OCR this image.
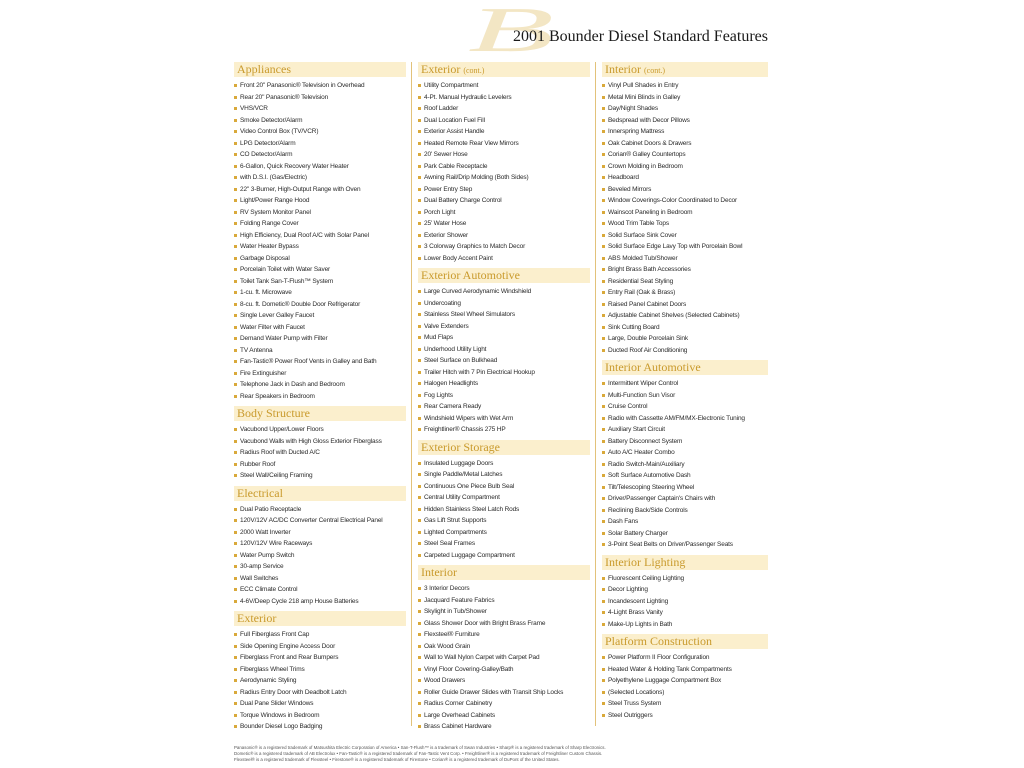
B
2001 Bounder Diesel Standard Features
Appliances
Front 20" Panasonic® Television in Overhead
Rear 20" Panasonic® Television
VHS/VCR
Smoke Detector/Alarm
Video Control Box (TV/VCR)
LPG Detector/Alarm
CO Detector/Alarm
6-Gallon, Quick Recovery Water Heater
with D.S.I. (Gas/Electric)
22" 3-Burner, High-Output Range with Oven
Light/Power Range Hood
RV System Monitor Panel
Folding Range Cover
High Efficiency, Dual Roof A/C with Solar Panel
Water Heater Bypass
Garbage Disposal
Porcelain Toilet with Water Saver
Toilet Tank San-T-Flush™ System
1-cu. ft. Microwave
8-cu. ft. Dometic® Double Door Refrigerator
Single Lever Galley Faucet
Water Filter with Faucet
Demand Water Pump with Filter
TV Antenna
Fan-Tastic® Power Roof Vents in Galley and Bath
Fire Extinguisher
Telephone Jack in Dash and Bedroom
Rear Speakers in Bedroom
Body Structure
Vacubond Upper/Lower Floors
Vacubond Walls with High Gloss Exterior Fiberglass
Radius Roof with Ducted A/C
Rubber Roof
Steel Wall/Ceiling Framing
Electrical
Dual Patio Receptacle
120V/12V AC/DC Converter Central Electrical Panel
2000 Watt Inverter
120V/12V Wire Raceways
Water Pump Switch
30-amp Service
Wall Switches
ECC Climate Control
4-6V/Deep Cycle 218 amp House Batteries
Exterior
Full Fiberglass Front Cap
Side Opening Engine Access Door
Fiberglass Front and Rear Bumpers
Fiberglass Wheel Trims
Aerodynamic Styling
Radius Entry Door with Deadbolt Latch
Dual Pane Slider Windows
Torque Windows in Bedroom
Bounder Diesel Logo Badging
Exterior (cont.)
Utility Compartment
4-Pt. Manual Hydraulic Levelers
Roof Ladder
Dual Location Fuel Fill
Exterior Assist Handle
Heated Remote Rear View Mirrors
20' Sewer Hose
Park Cable Receptacle
Awning Rail/Drip Molding (Both Sides)
Power Entry Step
Dual Battery Charge Control
Porch Light
25' Water Hose
Exterior Shower
3 Colorway Graphics to Match Decor
Lower Body Accent Paint
Exterior Automotive
Large Curved Aerodynamic Windshield
Undercoating
Stainless Steel Wheel Simulators
Valve Extenders
Mud Flaps
Underhood Utility Light
Steel Surface on Bulkhead
Trailer Hitch with 7 Pin Electrical Hookup
Halogen Headlights
Fog Lights
Rear Camera Ready
Windshield Wipers with Wet Arm
Freightliner® Chassis 275 HP
Exterior Storage
Insulated Luggage Doors
Single Paddle/Metal Latches
Continuous One Piece Bulb Seal
Central Utility Compartment
Hidden Stainless Steel Latch Rods
Gas Lift Strut Supports
Lighted Compartments
Steel Seal Frames
Carpeted Luggage Compartment
Interior
3 Interior Decors
Jacquard Feature Fabrics
Skylight in Tub/Shower
Glass Shower Door with Bright Brass Frame
Flexsteel® Furniture
Oak Wood Grain
Wall to Wall Nylon Carpet with Carpet Pad
Vinyl Floor Covering-Galley/Bath
Wood Drawers
Roller Guide Drawer Slides with Transit Ship Locks
Radius Corner Cabinetry
Large Overhead Cabinets
Brass Cabinet Hardware
Interior (cont.)
Vinyl Pull Shades in Entry
Metal Mini Blinds in Galley
Day/Night Shades
Bedspread with Decor Pillows
Innerspring Mattress
Oak Cabinet Doors & Drawers
Corian® Galley Countertops
Crown Molding in Bedroom
Headboard
Beveled Mirrors
Window Coverings-Color Coordinated to Decor
Wainscot Paneling in Bedroom
Wood Trim Table Tops
Solid Surface Sink Cover
Solid Surface Edge Lavy Top with Porcelain Bowl
ABS Molded Tub/Shower
Bright Brass Bath Accessories
Residential Seat Styling
Entry Rail (Oak & Brass)
Raised Panel Cabinet Doors
Adjustable Cabinet Shelves (Selected Cabinets)
Sink Cutting Board
Large, Double Porcelain Sink
Ducted Roof Air Conditioning
Interior Automotive
Intermittent Wiper Control
Multi-Function Sun Visor
Cruise Control
Radio with Cassette AM/FM/MX-Electronic Tuning
Auxiliary Start Circuit
Battery Disconnect System
Auto A/C Heater Combo
Radio Switch-Main/Auxiliary
Soft Surface Automotive Dash
Tilt/Telescoping Steering Wheel
Driver/Passenger Captain's Chairs with
Reclining Back/Side Controls
Dash Fans
Solar Battery Charger
3-Point Seat Belts on Driver/Passenger Seats
Interior Lighting
Fluorescent Ceiling Lighting
Decor Lighting
Incandescent Lighting
4-Light Brass Vanity
Make-Up Lights in Bath
Platform Construction
Power Platform II Floor Configuration
Heated Water & Holding Tank Compartments
Polyethylene Luggage Compartment Box
(Selected Locations)
Steel Truss System
Steel Outriggers
Panasonic® is a registered trademark of Matsushita Electric Corporation of America • San-T-Flush™ is a trademark of Swan Industries • Sharp® is a registered trademark of Sharp Electronics.
Dometic® is a registered trademark of AB Electrolux • Fan-Tastic® is a registered trademark of Fan-Tastic Vent Corp. • Freightliner® is a registered trademark of Freightliner Custom Chassis.
Flexsteel® is a registered trademark of Flexsteel • Firestone® is a registered trademark of Firestone • Corian® is a registered trademark of DuPont of the United States.
